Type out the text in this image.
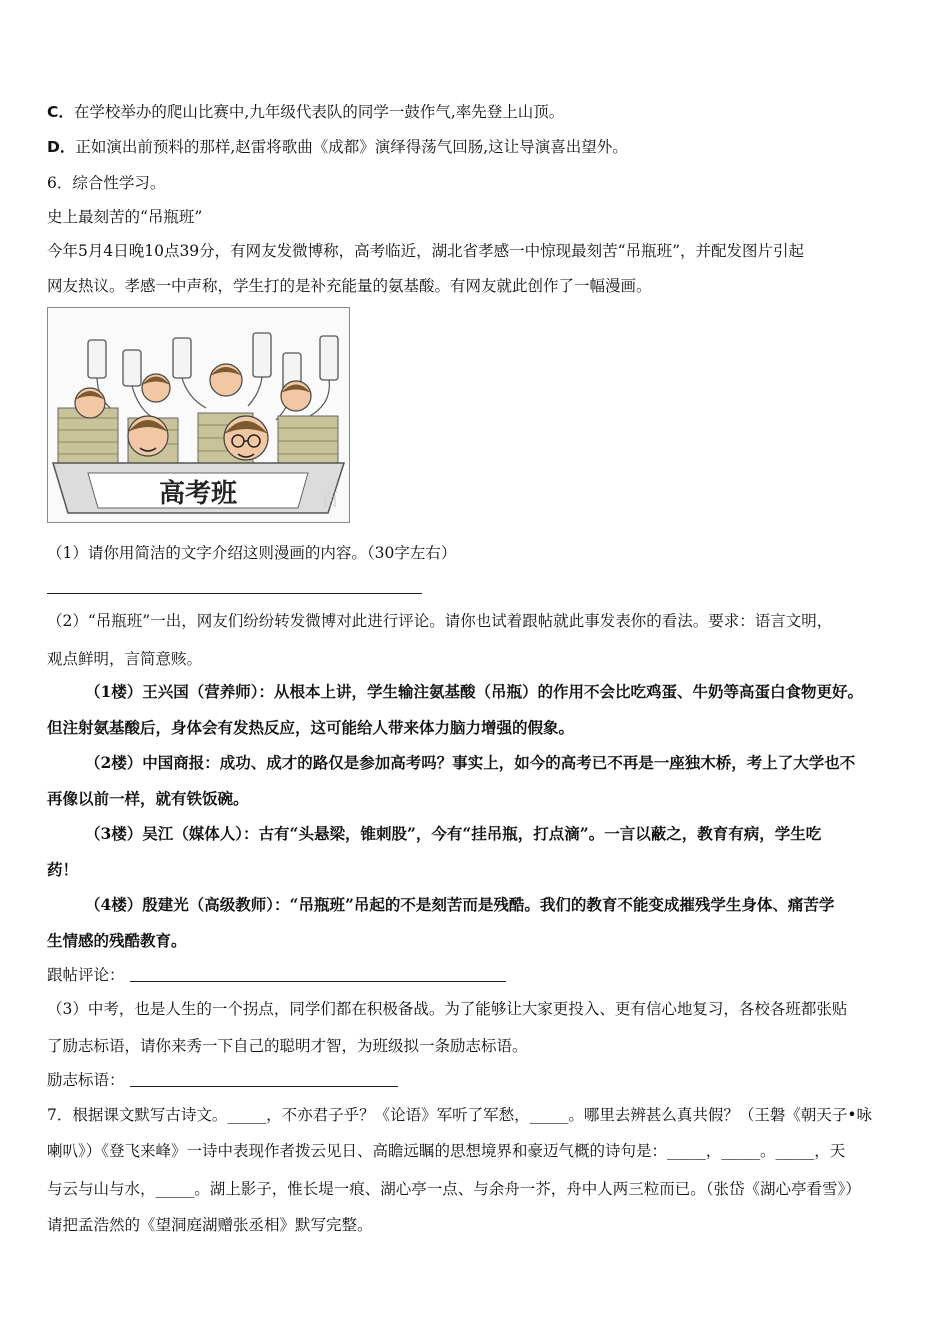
C．在学校举办的爬山比赛中,九年级代表队的同学一鼓作气,率先登上山顶。
D．正如演出前预料的那样,赵雷将歌曲《成都》演绎得荡气回肠,这让导演喜出望外。
6．综合性学习。
史上最刻苦的“吊瓶班”
今年5月4日晚10点39分，有网友发微博称，高考临近，湖北省孝感一中惊现最刻苦“吊瓶班”，并配发图片引起
网友热议。孝感一中声称，学生打的是补充能量的氨基酸。有网友就此创作了一幅漫画。
高考班	百
（1）请你用简洁的文字介绍这则漫画的内容。（30字左右）
（2）“吊瓶班”一出，网友们纷纷转发微博对此进行评论。请你也试着跟帖就此事发表你的看法。要求：语言文明，
观点鲜明，言简意赅。
（1楼）王兴国（营养师）：从根本上讲，学生输注氨基酸（吊瓶）的作用不会比吃鸡蛋、牛奶等高蛋白食物更好。
但注射氨基酸后，身体会有发热反应，这可能给人带来体力脑力增强的假象。
（2楼）中国商报：成功、成才的路仅是参加高考吗？事实上，如今的高考已不再是一座独木桥，考上了大学也不
再像以前一样，就有铁饭碗。
（3楼）吴江（媒体人）：古有“头悬梁，锥刺股”，今有“挂吊瓶，打点滴”。一言以蔽之，教育有病，学生吃
药！
（4楼）殷建光（高级教师）：“吊瓶班”吊起的不是刻苦而是残酷。我们的教育不能变成摧残学生身体、痛苦学
生情感的残酷教育。
跟帖评论：
（3）中考，也是人生的一个拐点，同学们都在积极备战。为了能够让大家更投入、更有信心地复习，各校各班都张贴
了励志标语，请你来秀一下自己的聪明才智，为班级拟一条励志标语。
励志标语：
7．根据课文默写古诗文。_____，不亦君子乎？《论语》军听了军愁，_____。哪里去辨甚么真共假？（王磐《朝天子•咏
喇叭》）《登飞来峰》一诗中表现作者拨云见日、高瞻远瞩的思想境界和豪迈气概的诗句是：_____，_____。_____，天
与云与山与水，_____。湖上影子，惟长堤一痕、湖心亭一点、与余舟一芥，舟中人两三粒而已。（张岱《湖心亭看雪》）
请把孟浩然的《望洞庭湖赠张丞相》默写完整。
